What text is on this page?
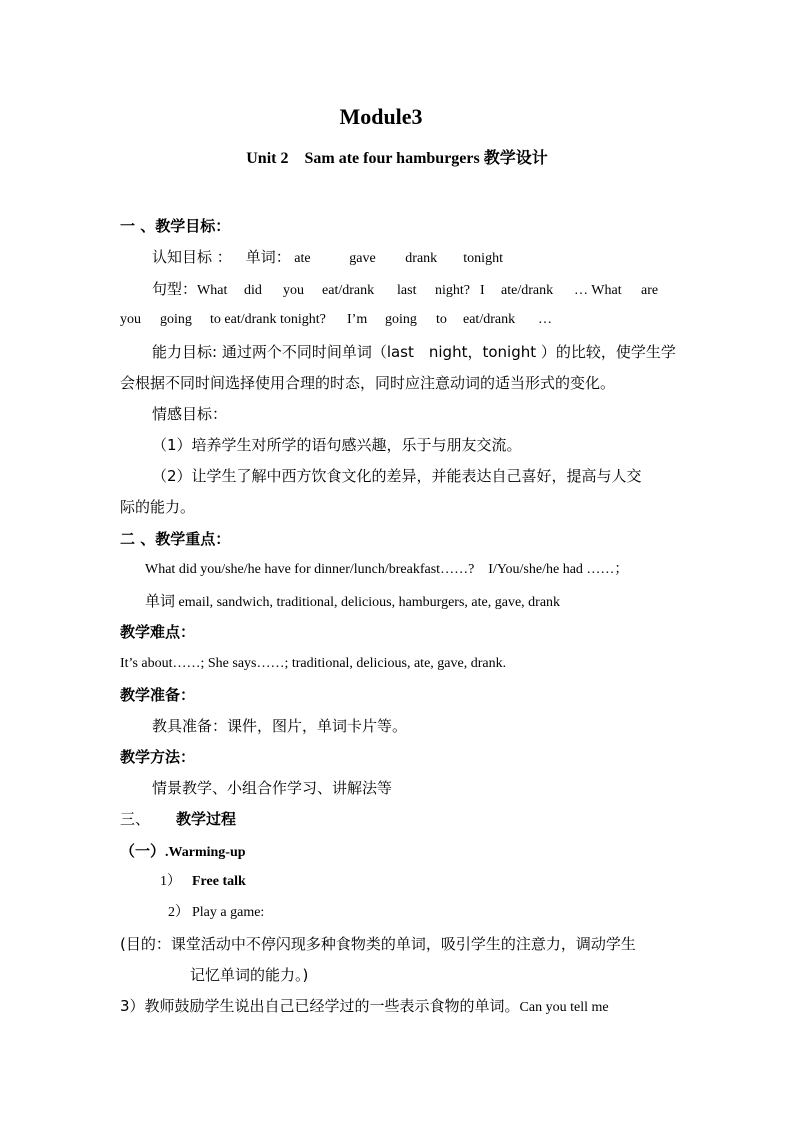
Module3
Unit 2　Sam ate four hamburgers 教学设计
一 、教学目标：
认知目标 ： 单词： ate	gave drank tonight
句型：What did you eat/drank last night? I ate/drank … What are
you going to eat/drank tonight? I’m going to eat/drank …
能力目标: 通过两个不同时间单词（last　night，tonight ）的比较，使学生学
会根据不同时间选择使用合理的时态，同时应注意动词的适当形式的变化。
情感目标：
（1）培养学生对所学的语句感兴趣，乐于与朋友交流。
（2）让学生了解中西方饮食文化的差异，并能表达自己喜好，提高与人交
际的能力。
二 、教学重点：
What did you/she/he have for dinner/lunch/breakfast……?　I/You/she/he had ……；
单词 email, sandwich, traditional, delicious, hamburgers, ate, gave, drank
教学难点：
It’s about……; She says……; traditional, delicious, ate, gave, drank.
教学准备：
教具准备：课件，图片，单词卡片等。
教学方法：
情景教学、小组合作学习、讲解法等
三、 教学过程
（一）.Warming-up
1） Free talk
2） Play a game:
(目的：课堂活动中不停闪现多种食物类的单词，吸引学生的注意力，调动学生
记忆单词的能力。)
3）教师鼓励学生说出自己已经学过的一些表示食物的单词。Can you tell me
